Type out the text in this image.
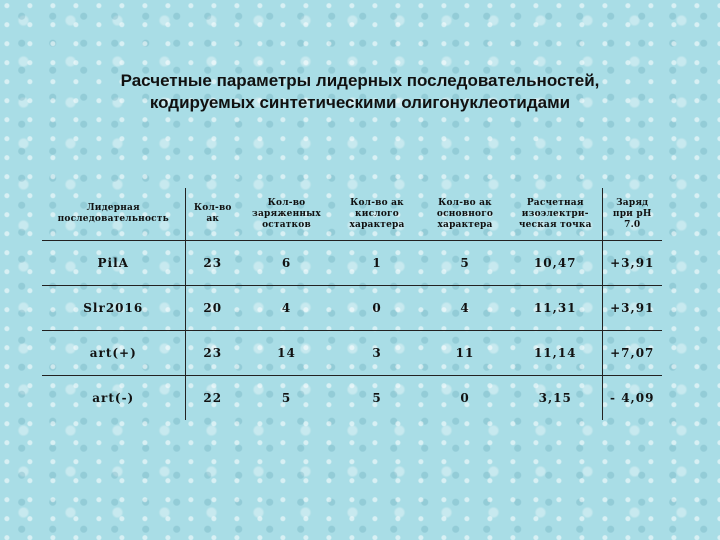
Расчетные параметры лидерных последовательностей,
кодируемых синтетическими олигонуклеотидами
Лидерная последовательность	Кол-во ак	Кол-во заряженных остатков	Кол-во ак кислого характера	Кол-во ак основного характера	Расчетная изоэлектри-ческая точка	Заряд при pH 7.0
PilA	23	6	1	5	10,47	+3,91
Slr2016	20	4	0	4	11,31	+3,91
art(+)	23	14	3	11	11,14	+7,07
art(-)	22	5	5	0	3,15	- 4,09
